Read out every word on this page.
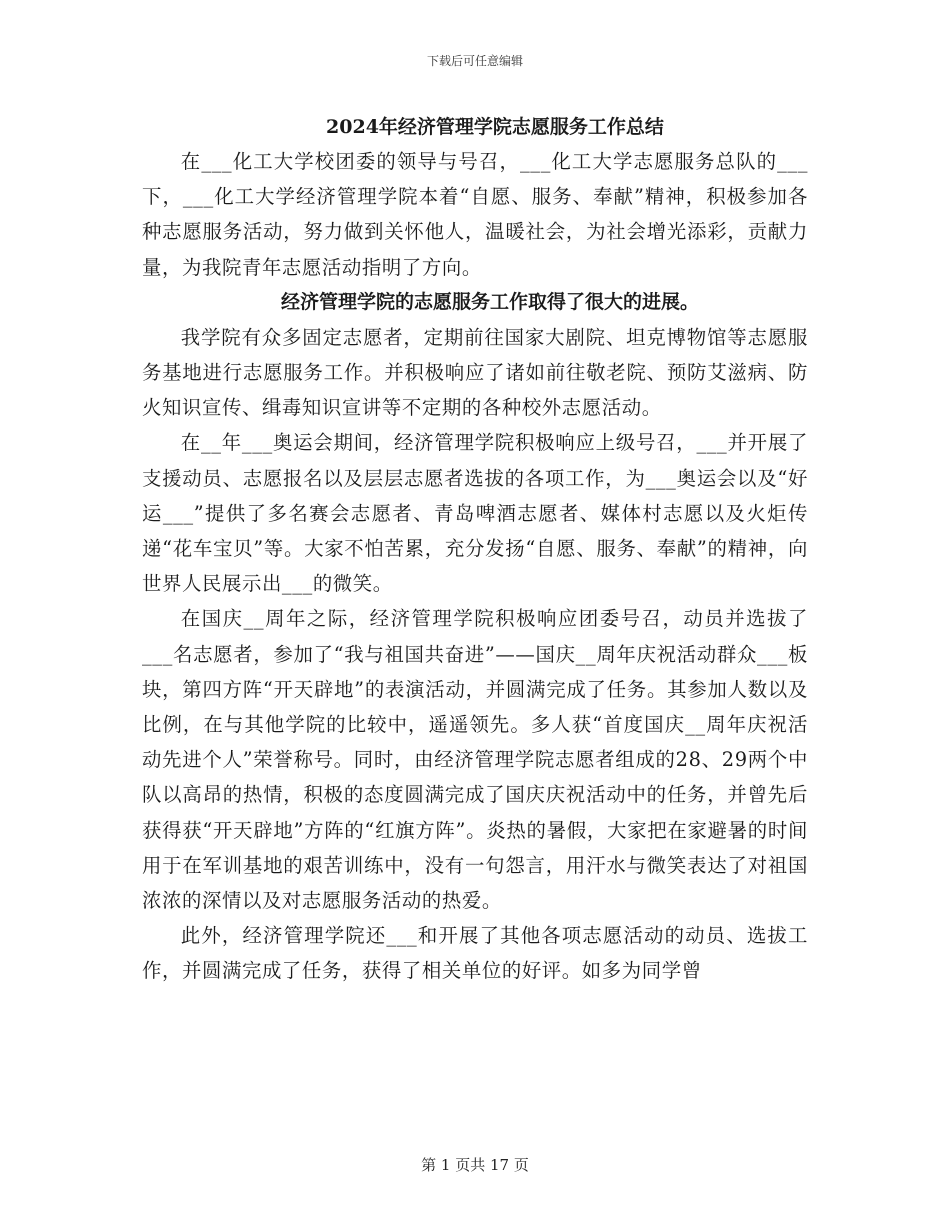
下载后可任意编辑
2024年经济管理学院志愿服务工作总结

在___化工大学校团委的领导与号召，___化工大学志愿服务总队的___下，___化工大学经济管理学院本着“自愿、服务、奉献”精神，积极参加各种志愿服务活动，努力做到关怀他人，温暖社会，为社会增光添彩，贡献力量，为我院青年志愿活动指明了方向。

经济管理学院的志愿服务工作取得了很大的进展。

我学院有众多固定志愿者，定期前往国家大剧院、坦克博物馆等志愿服务基地进行志愿服务工作。并积极响应了诸如前往敬老院、预防艾滋病、防火知识宣传、缉毒知识宣讲等不定期的各种校外志愿活动。

在__年___奥运会期间，经济管理学院积极响应上级号召，___并开展了支援动员、志愿报名以及层层志愿者选拔的各项工作，为___奥运会以及“好运___”提供了多名赛会志愿者、青岛啤酒志愿者、媒体村志愿以及火炬传递“花车宝贝”等。大家不怕苦累，充分发扬“自愿、服务、奉献”的精神，向世界人民展示出___的微笑。

在国庆__周年之际，经济管理学院积极响应团委号召，动员并选拔了___名志愿者，参加了“我与祖国共奋进”——国庆__周年庆祝活动群众___板块，第四方阵“开天辟地”的表演活动，并圆满完成了任务。其参加人数以及比例，在与其他学院的比较中，遥遥领先。多人获“首度国庆__周年庆祝活动先进个人”荣誉称号。同时，由经济管理学院志愿者组成的28、29两个中队以高昂的热情，积极的态度圆满完成了国庆庆祝活动中的任务，并曾先后获得获“开天辟地”方阵的“红旗方阵”。炎热的暑假，大家把在家避暑的时间用于在军训基地的艰苦训练中，没有一句怨言，用汗水与微笑表达了对祖国浓浓的深情以及对志愿服务活动的热爱。

此外，经济管理学院还___和开展了其他各项志愿活动的动员、选拔工作，并圆满完成了任务，获得了相关单位的好评。如多为同学曾

第 1 页共 17 页
